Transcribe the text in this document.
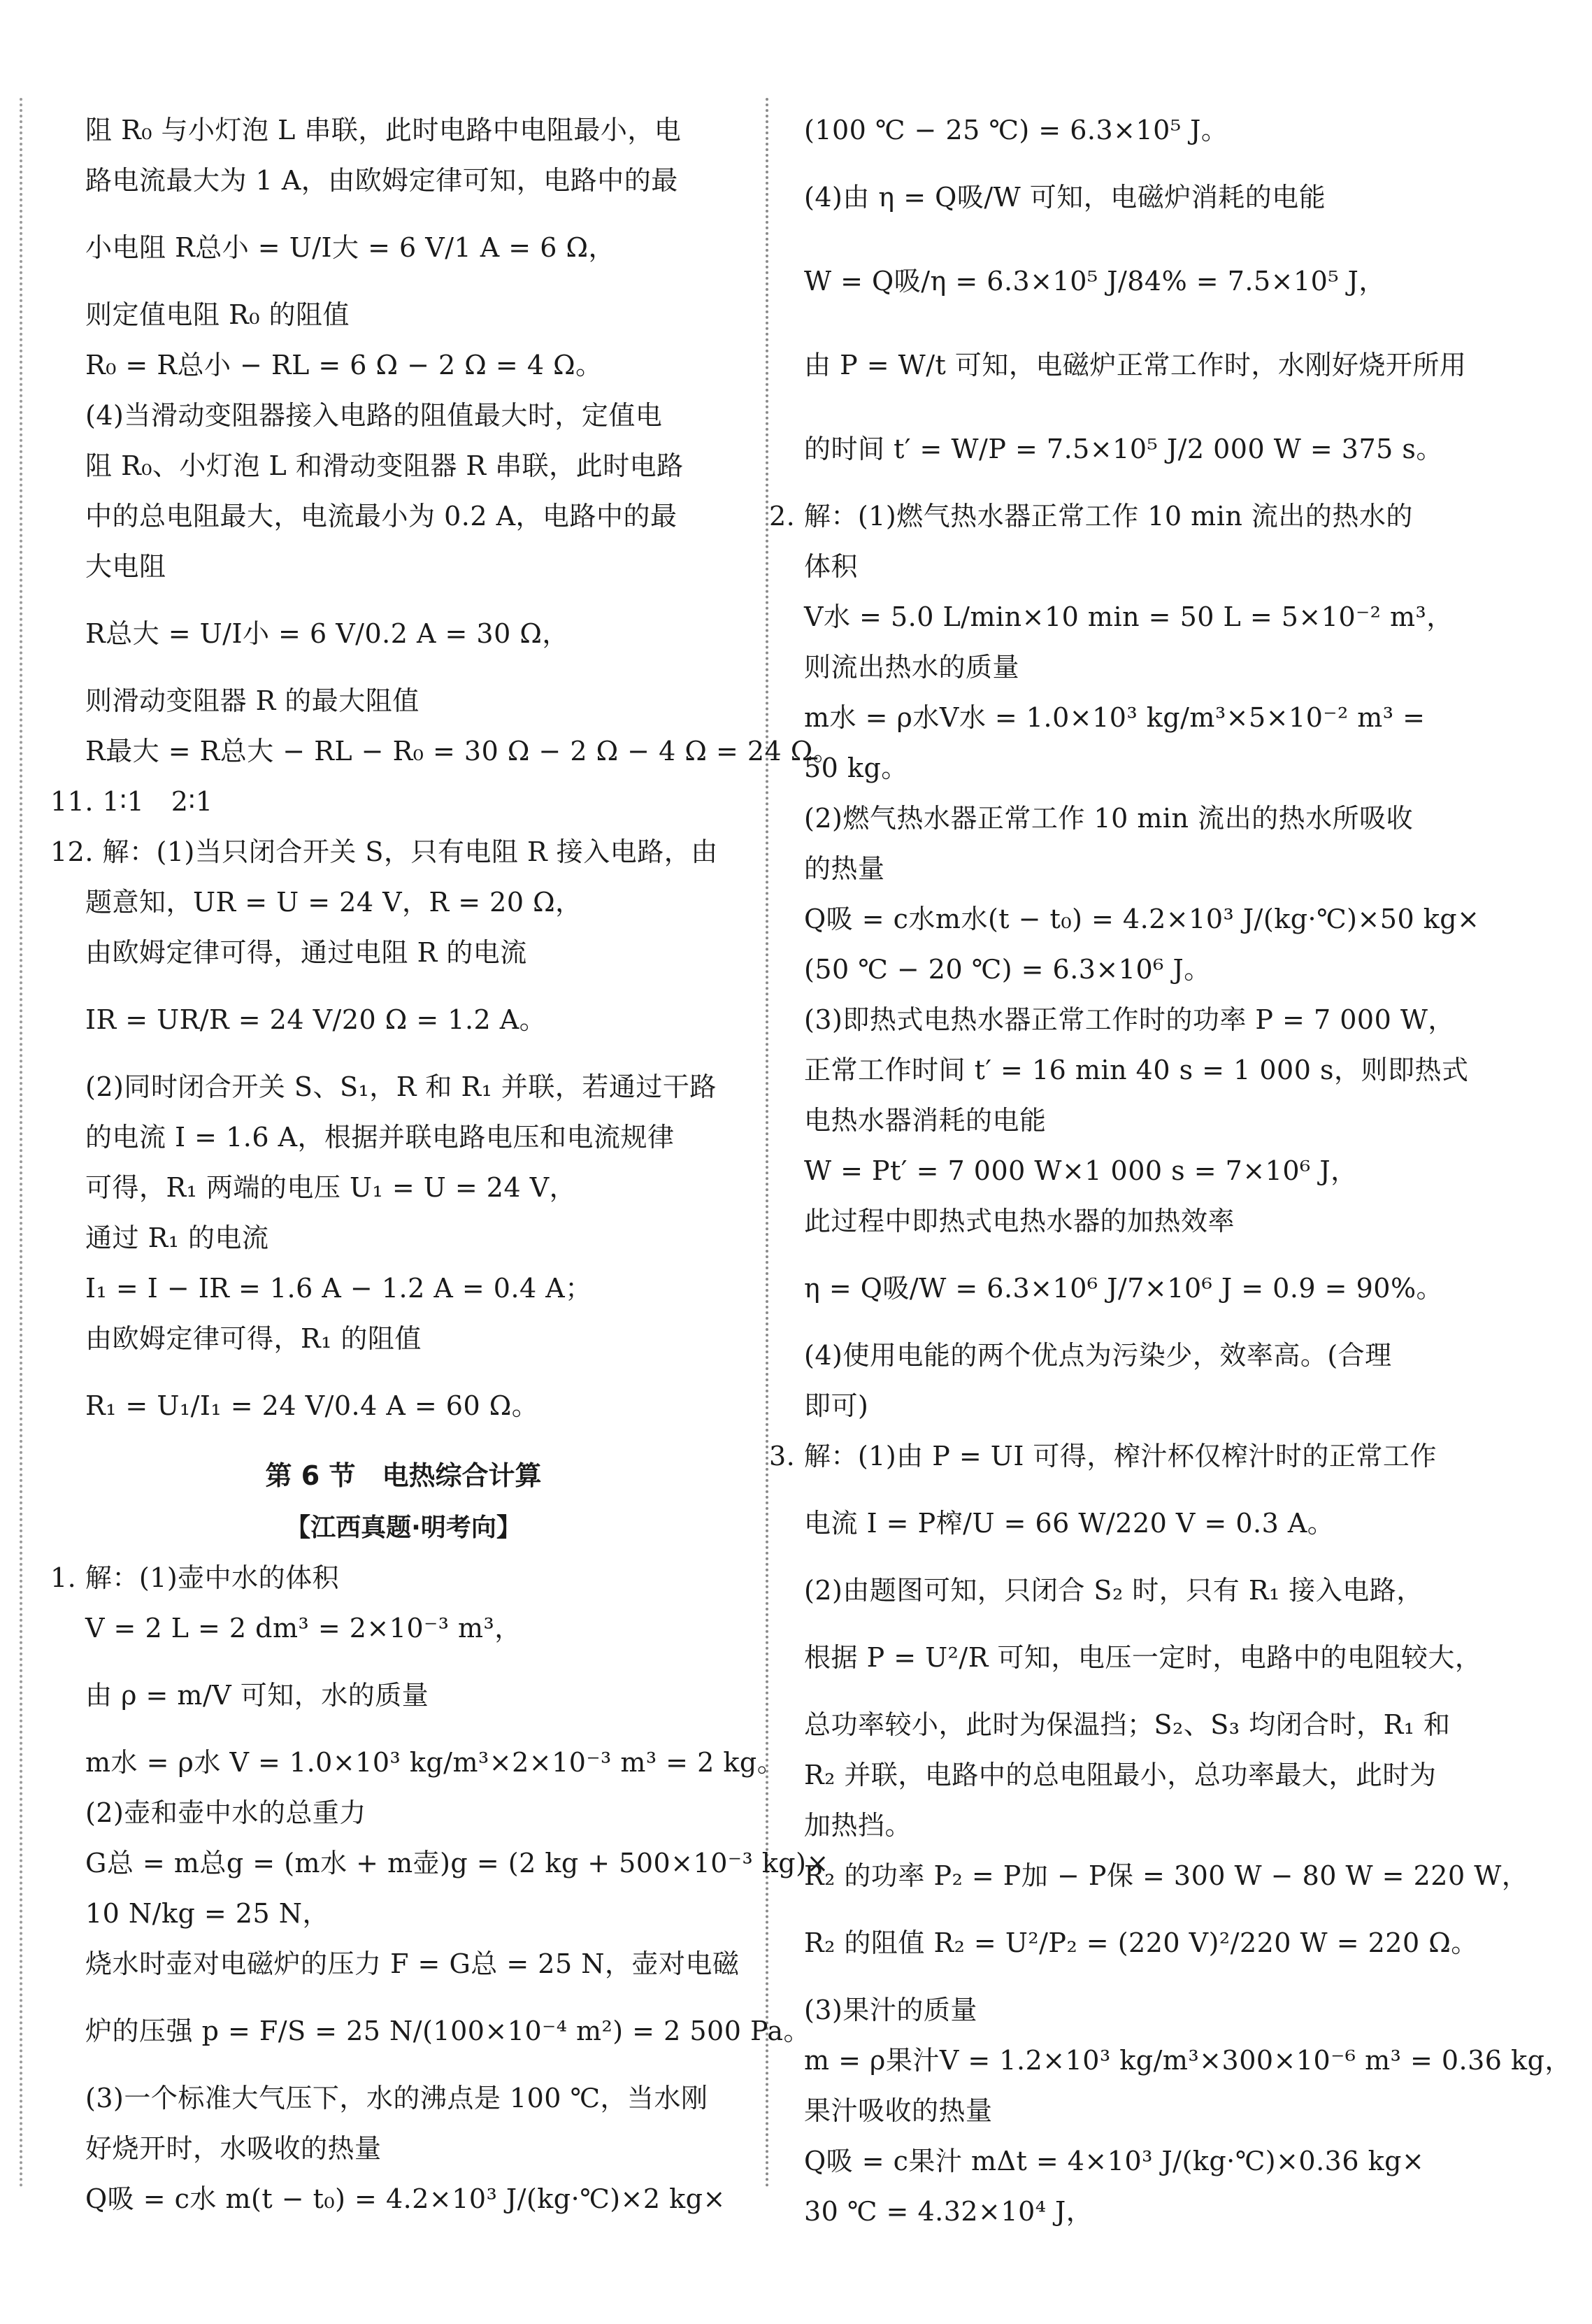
阻 R₀ 与小灯泡 L 串联，此时电路中电阻最小，电
路电流最大为 1 A，由欧姆定律可知，电路中的最
小电阻 R总小 = U/I大 = 6 V/1 A = 6 Ω，
则定值电阻 R₀ 的阻值
R₀ = R总小 − RL = 6 Ω − 2 Ω = 4 Ω。
(4)当滑动变阻器接入电路的阻值最大时，定值电
阻 R₀、小灯泡 L 和滑动变阻器 R 串联，此时电路
中的总电阻最大，电流最小为 0.2 A，电路中的最
大电阻
R总大 = U/I小 = 6 V/0.2 A = 30 Ω，
则滑动变阻器 R 的最大阻值
R最大 = R总大 − RL − R₀ = 30 Ω − 2 Ω − 4 Ω = 24 Ω。
11. 1∶1　2∶1
12. 解：(1)当只闭合开关 S，只有电阻 R 接入电路，由
题意知，UR = U = 24 V，R = 20 Ω，
由欧姆定律可得，通过电阻 R 的电流
IR = UR/R = 24 V/20 Ω = 1.2 A。
(2)同时闭合开关 S、S₁，R 和 R₁ 并联，若通过干路
的电流 I = 1.6 A，根据并联电路电压和电流规律
可得，R₁ 两端的电压 U₁ = U = 24 V，
通过 R₁ 的电流
I₁ = I − IR = 1.6 A − 1.2 A = 0.4 A；
由欧姆定律可得，R₁ 的阻值
R₁ = U₁/I₁ = 24 V/0.4 A = 60 Ω。
第 6 节　电热综合计算
【江西真题·明考向】
1. 解：(1)壶中水的体积
V = 2 L = 2 dm³ = 2×10⁻³ m³，
由 ρ = m/V 可知，水的质量
m水 = ρ水 V = 1.0×10³ kg/m³×2×10⁻³ m³ = 2 kg。
(2)壶和壶中水的总重力
G总 = m总g = (m水 + m壶)g = (2 kg + 500×10⁻³ kg)×
10 N/kg = 25 N，
烧水时壶对电磁炉的压力 F = G总 = 25 N，壶对电磁
炉的压强 p = F/S = 25 N/(100×10⁻⁴ m²) = 2 500 Pa。
(3)一个标准大气压下，水的沸点是 100 ℃，当水刚
好烧开时，水吸收的热量
Q吸 = c水 m(t − t₀) = 4.2×10³ J/(kg·℃)×2 kg×
(100 ℃ − 25 ℃) = 6.3×10⁵ J。
(4)由 η = Q吸/W 可知，电磁炉消耗的电能
W = Q吸/η = 6.3×10⁵ J/84% = 7.5×10⁵ J，
由 P = W/t 可知，电磁炉正常工作时，水刚好烧开所用
的时间 t′ = W/P = 7.5×10⁵ J/2 000 W = 375 s。
2. 解：(1)燃气热水器正常工作 10 min 流出的热水的
体积
V水 = 5.0 L/min×10 min = 50 L = 5×10⁻² m³，
则流出热水的质量
m水 = ρ水V水 = 1.0×10³ kg/m³×5×10⁻² m³ =
50 kg。
(2)燃气热水器正常工作 10 min 流出的热水所吸收
的热量
Q吸 = c水m水(t − t₀) = 4.2×10³ J/(kg·℃)×50 kg×
(50 ℃ − 20 ℃) = 6.3×10⁶ J。
(3)即热式电热水器正常工作时的功率 P = 7 000 W，
正常工作时间 t′ = 16 min 40 s = 1 000 s，则即热式
电热水器消耗的电能
W = Pt′ = 7 000 W×1 000 s = 7×10⁶ J，
此过程中即热式电热水器的加热效率
η = Q吸/W = 6.3×10⁶ J/7×10⁶ J = 0.9 = 90%。
(4)使用电能的两个优点为污染少，效率高。(合理
即可)
3. 解：(1)由 P = UI 可得，榨汁杯仅榨汁时的正常工作
电流 I = P榨/U = 66 W/220 V = 0.3 A。
(2)由题图可知，只闭合 S₂ 时，只有 R₁ 接入电路，
根据 P = U²/R 可知，电压一定时，电路中的电阻较大，
总功率较小，此时为保温挡；S₂、S₃ 均闭合时，R₁ 和
R₂ 并联，电路中的总电阻最小，总功率最大，此时为
加热挡。
R₂ 的功率 P₂ = P加 − P保 = 300 W − 80 W = 220 W，
R₂ 的阻值 R₂ = U²/P₂ = (220 V)²/220 W = 220 Ω。
(3)果汁的质量
m = ρ果汁V = 1.2×10³ kg/m³×300×10⁻⁶ m³ = 0.36 kg，
果汁吸收的热量
Q吸 = c果汁 mΔt = 4×10³ J/(kg·℃)×0.36 kg×
30 ℃ = 4.32×10⁴ J，
